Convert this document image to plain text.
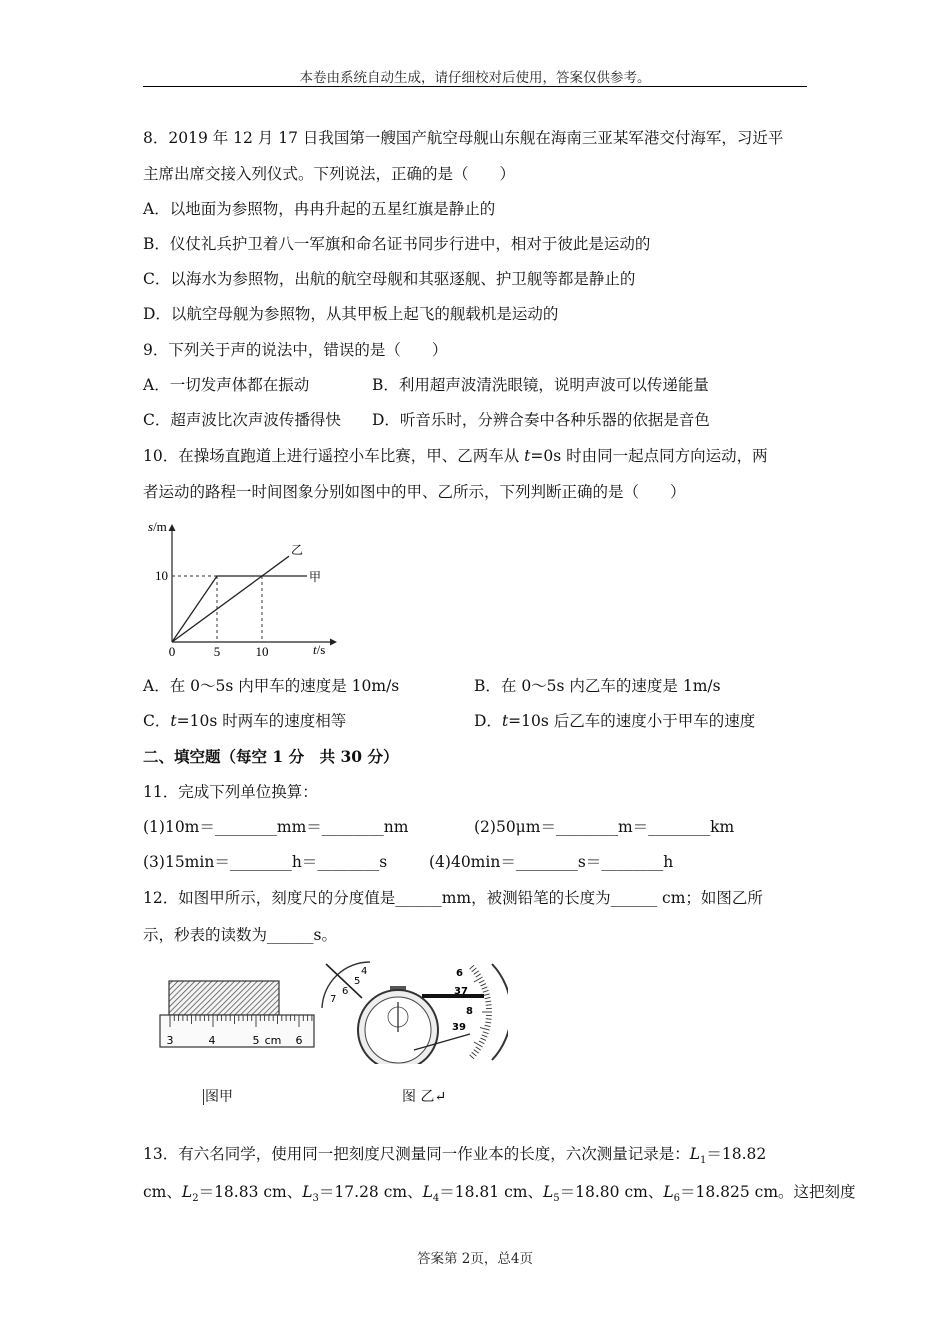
本卷由系统自动生成，请仔细校对后使用，答案仅供参考。
8．2019 年 12 月 17 日我国第一艘国产航空母舰山东舰在海南三亚某军港交付海军，习近平
主席出席交接入列仪式。下列说法，正确的是（　　）
A．以地面为参照物，冉冉升起的五星红旗是静止的
B．仪仗礼兵护卫着八一军旗和命名证书同步行进中，相对于彼此是运动的
C．以海水为参照物，出航的航空母舰和其驱逐舰、护卫舰等都是静止的
D．以航空母舰为参照物，从其甲板上起飞的舰载机是运动的
9．下列关于声的说法中，错误的是（　　）
A．一切发声体都在振动	B．利用超声波清洗眼镜，说明声波可以传递能量
C．超声波比次声波传播得快 D．听音乐时，分辨合奏中各种乐器的依据是音色
10．在操场直跑道上进行遥控小车比赛，甲、乙两车从 t=0s 时由同一起点同方向运动，两
者运动的路程一时间图象分别如图中的甲、乙所示，下列判断正确的是（　　）
甲
乙
0	5	10
10
s/m
t/s
A．在 0～5s 内甲车的速度是 10m/s	B．在 0～5s 内乙车的速度是 1m/s
C．t=10s 时两车的速度相等	D．t=10s 后乙车的速度小于甲车的速度
二、填空题（每空 1 分　共 30 分）
11．完成下列单位换算：
(1)10m＝________mm＝________nm	(2)50μm＝________m＝________km
(3)15min＝________h＝________s	(4)40min＝________s＝________h
12．如图甲所示，刻度尺的分度值是______mm，被测铅笔的长度为______ cm；如图乙所
示，秒表的读数为______s。
3	4	5 cm 6
4
5
6
7
6
37
8
39
图甲	图 乙↵
13．有六名同学，使用同一把刻度尺测量同一作业本的长度，六次测量记录是：$L_1=18.82$
cm、$L_2=18.83$ cm、$L_3=17.28$ cm、$L_4=18.81$ cm、$L_5=18.80$ cm、$L_6=18.825$ cm。这把刻度
答案第 2页，总4页
